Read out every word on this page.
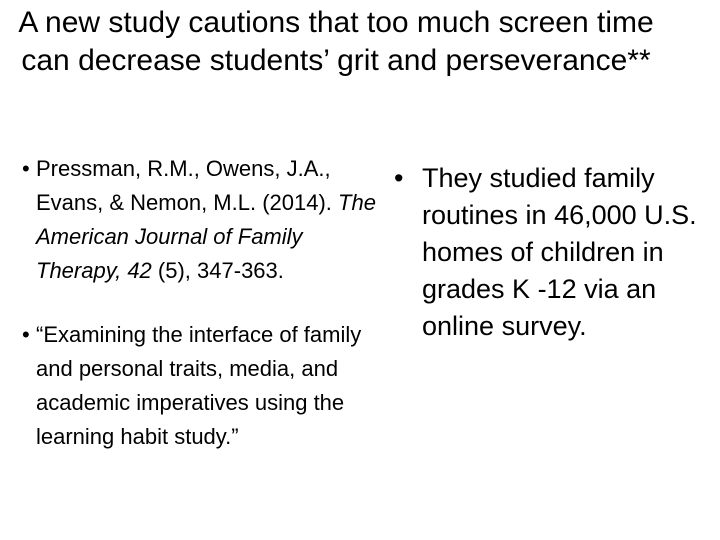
A new study cautions that too much screen time can decrease students’ grit and perseverance**
• Pressman, R.M., Owens, J.A., Evans, & Nemon, M.L. (2014). The American Journal of Family Therapy, 42 (5), 347-363.
• “Examining the interface of family and personal traits, media, and academic imperatives using the learning habit study.”
• They studied family routines in 46,000 U.S. homes of children in grades K -12 via an online survey.
